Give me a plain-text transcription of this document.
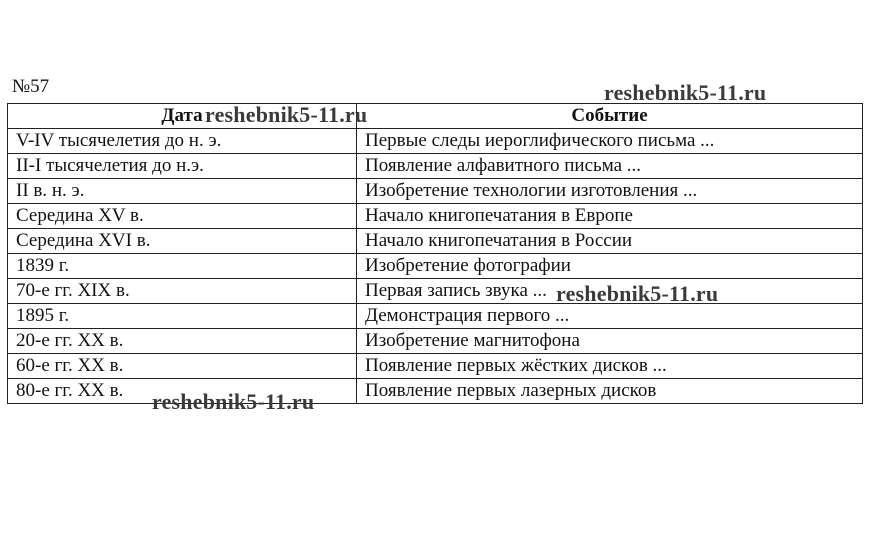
№57
Дата	Событие
V-IV тысячелетия до н. э.	Первые следы иероглифического письма ...
II-I тысячелетия до н.э.	Появление алфавитного письма ...
II в. н. э.	Изобретение технологии изготовления ...
Середина XV в.	Начало книгопечатания в Европе
Середина XVI в.	Начало книгопечатания в России
1839 г.	Изобретение фотографии
70-е гг. XIX в.	Первая запись звука ...
1895 г.	Демонстрация первого ...
20-е гг. XX в.	Изобретение магнитофона
60-е гг. XX в.	Появление первых жёстких дисков ...
80-е гг. XX в.	Появление первых лазерных дисков
reshebnik5-11.ru
reshebnik5-11.ru
reshebnik5-11.ru
reshebnik5-11.ru
